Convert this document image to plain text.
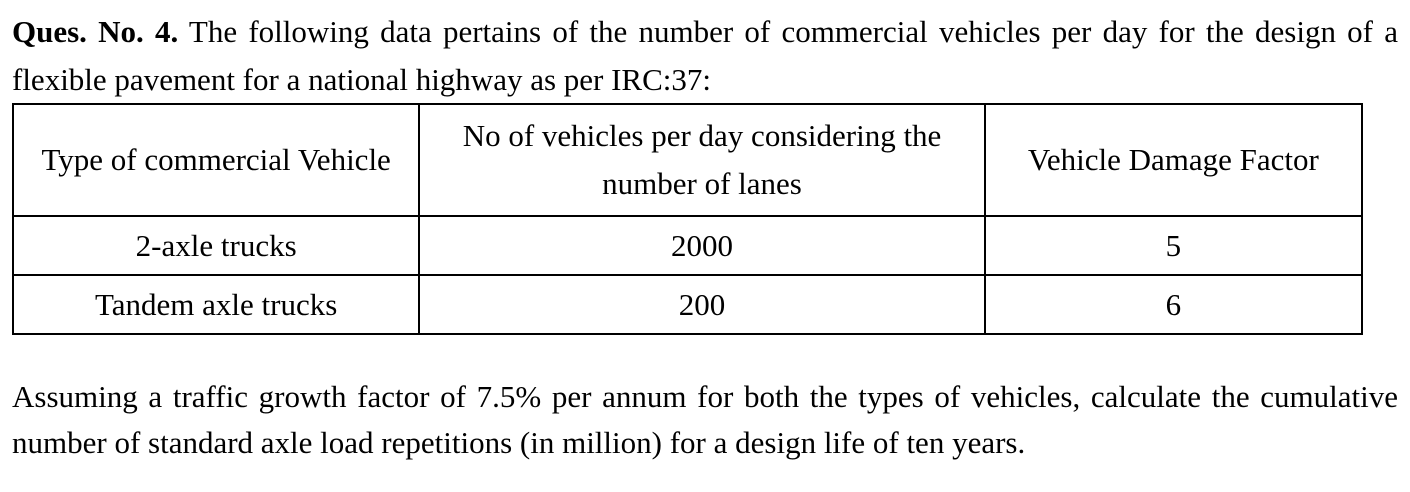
Ques. No. 4. The following data pertains of the number of commercial vehicles per day for the design of a flexible pavement for a national highway as per IRC:37:

Type of commercial Vehicle	No of vehicles per day considering the number of lanes	Vehicle Damage Factor
2-axle trucks	2000	5
Tandem axle trucks	200	6

Assuming a traffic growth factor of 7.5% per annum for both the types of vehicles, calculate the cumulative number of standard axle load repetitions (in million) for a design life of ten years.
